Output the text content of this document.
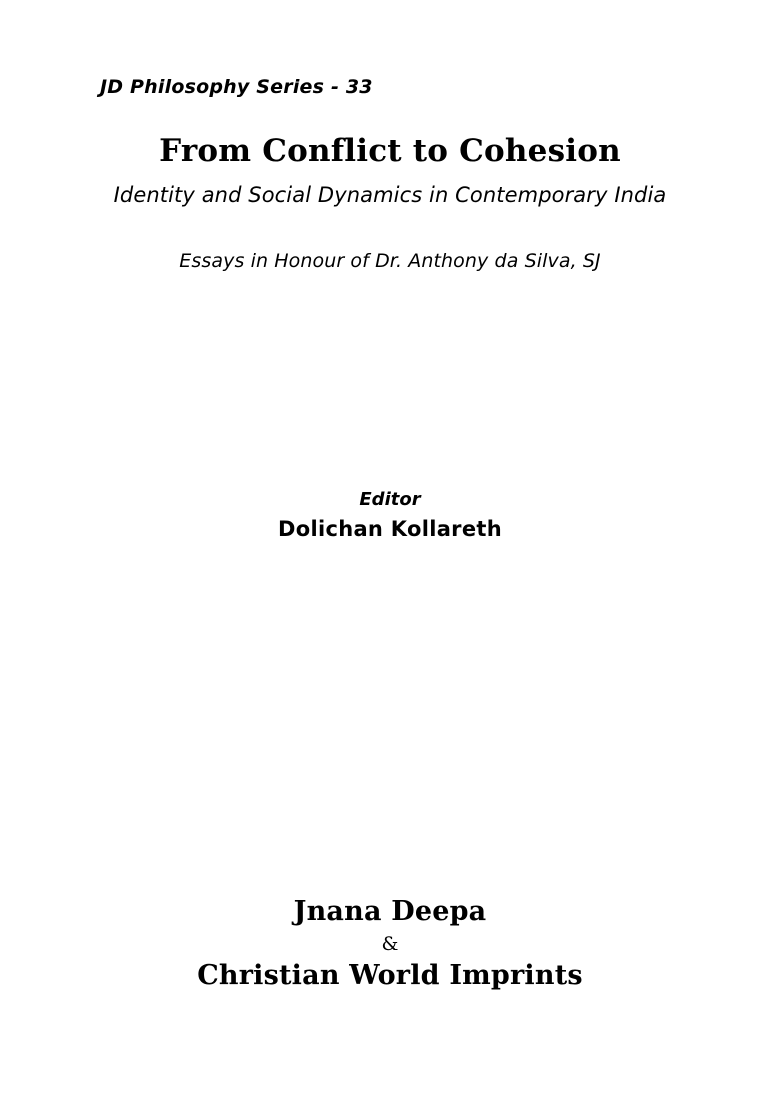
JD Philosophy Series - 33
From Conflict to Cohesion
Identity and Social Dynamics in Contemporary India
Essays in Honour of Dr. Anthony da Silva, SJ
Editor
Dolichan Kollareth
Jnana Deepa
&
Christian World Imprints
